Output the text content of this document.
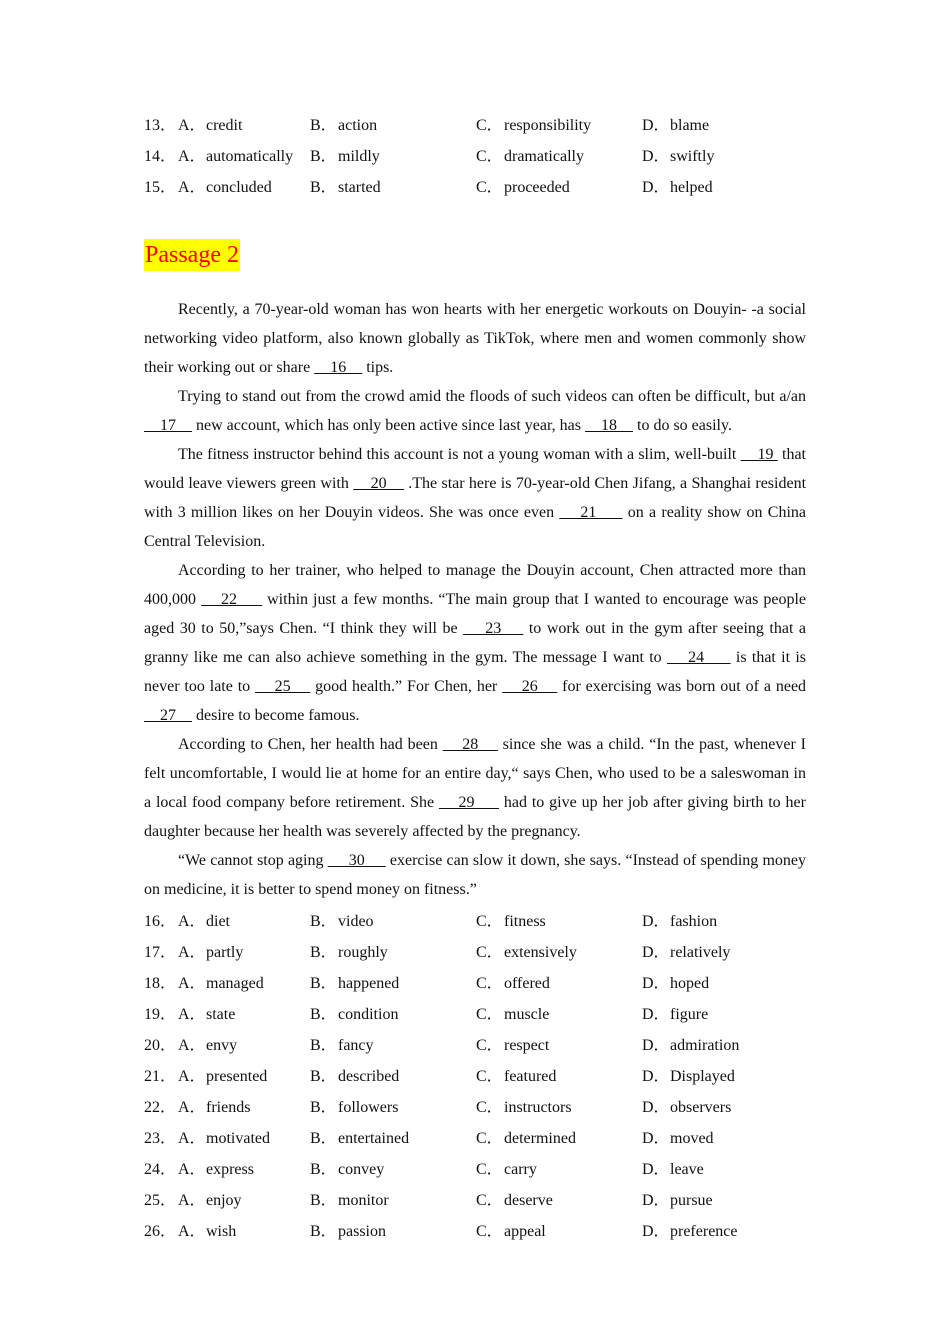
13． A． credit	B． action	C． responsibility	D． blame
14． A． automatically B． mildly	C． dramatically	D． swiftly
15． A． concluded B． started	C． proceeded	D． helped
Passage 2

Recently, a 70-year-old woman has won hearts with her energetic workouts on Douyin- -a social networking video platform, also known globally as TikTok, where men and women commonly show their working out or share     16     tips.

Trying to stand out from the crowd amid the floods of such videos can often be difficult, but a/an     17     new account, which has only been active since last year, has     18     to do so easily.

The fitness instructor behind this account is not a young woman with a slim, well-built     19  that would leave viewers green with     20     .The star here is 70-year-old Chen Jifang, a Shanghai resident with 3 million likes on her Douyin videos. She was once even     21      on a reality show on China Central Television.

According to her trainer, who helped to manage the Douyin account, Chen attracted more than 400,000     22      within just a few months. “The main group that I wanted to encourage was people aged 30 to 50,”says Chen. “I think they will be     23     to work out in the gym after seeing that a granny like me can also achieve something in the gym. The message I want to     24      is that it is never too late to     25     good health.” For Chen, her     26     for exercising was born out of a need     27     desire to become famous.

According to Chen, her health had been     28     since she was a child. “In the past, whenever I felt uncomfortable, I would lie at home for an entire day,“ says Chen, who used to be a saleswoman in a local food company before retirement. She     29      had to give up her job after giving birth to her daughter because her health was severely affected by the pregnancy.

“We cannot stop aging      30      exercise can slow it down, she says. “Instead of spending money on medicine, it is better to spend money on fitness.”

16． A． diet	B． video	C． fitness	D． fashion
17． A． partly	B． roughly	C． extensively	D． relatively
18． A． managed	B． happened	C． offered	D． hoped
19． A． state	B． condition	C． muscle	D． figure
20． A． envy	B． fancy	C． respect	D． admiration
21． A． presented	B． described	C． featured	D． Displayed
22． A． friends	B． followers	C． instructors	D． observers
23． A． motivated	B． entertained	C． determined	D． moved
24． A． express	B． convey	C． carry	D． leave
25． A． enjoy	B． monitor	C． deserve	D． pursue
26． A． wish	B． passion	C． appeal	D． preference
